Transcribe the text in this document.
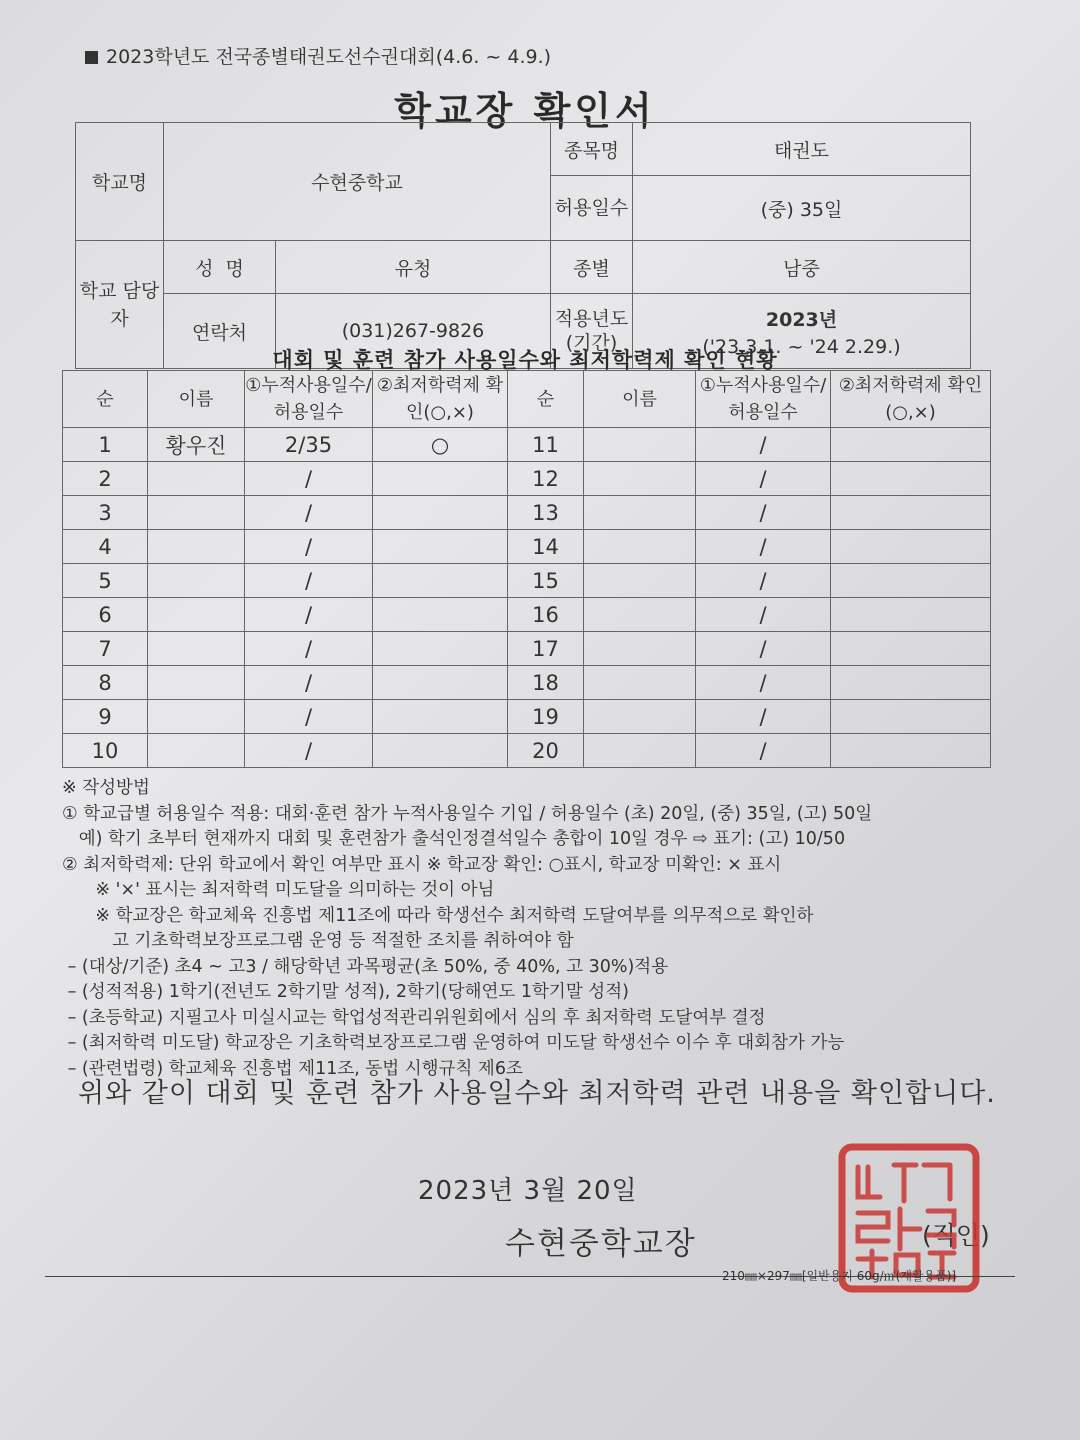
2023학년도 전국종별태권도선수권대회(4.6. ~ 4.9.)
학교장 확인서
학교명	수현중학교		종목명	태권도
			허용일수	(중) 35일
학교 담당자	성  명	유청	종별	남중
	연락처	(031)267-9826	적용년도 (기간)	2023년
('23.3.1. ~ '24 2.29.)
대회 및 훈련 참가 사용일수와 최저학력제 확인 현황
순	이름	①누적사용일수/허용일수	②최저학력제 확인(○,×)	순	이름	①누적사용일수/허용일수	②최저학력제 확인(○,×)
1	황우진	2/35	○	11		/	
2		/		12		/	
3		/		13		/	
4		/		14		/	
5		/		15		/	
6		/		16		/	
7		/		17		/	
8		/		18		/	
9		/		19		/	
10		/		20		/	
※ 작성방법
① 학교급별 허용일수 적용: 대회·훈련 참가 누적사용일수 기입 / 허용일수 (초) 20일, (중) 35일, (고) 50일
예) 학기 초부터 현재까지 대회 및 훈련참가 출석인정결석일수 총합이 10일 경우 ⇨ 표기: (고) 10/50
② 최저학력제: 단위 학교에서 확인 여부만 표시 ※ 학교장 확인: ○표시, 학교장 미확인: × 표시
※ '×' 표시는 최저학력 미도달을 의미하는 것이 아님
※ 학교장은 학교체육 진흥법 제11조에 따라 학생선수 최저학력 도달여부를 의무적으로 확인하
고 기초학력보장프로그램 운영 등 적절한 조치를 취하여야 함
– (대상/기준) 초4 ~ 고3 / 해당학년 과목평균(초 50%, 중 40%, 고 30%)적용
– (성적적용) 1학기(전년도 2학기말 성적), 2학기(당해연도 1학기말 성적)
– (초등학교) 지필고사 미실시교는 학업성적관리위원회에서 심의 후 최저학력 도달여부 결정
– (최저학력 미도달) 학교장은 기초학력보장프로그램 운영하여 미도달 학생선수 이수 후 대회참가 가능
– (관련법령) 학교체육 진흥법 제11조, 동법 시행규칙 제6조
위와 같이 대회 및 훈련 참가 사용일수와 최저학력 관련 내용을 확인합니다.
2023년 3월 20일
수현중학교장	(직인)
210㎜×297㎜[일반용지 60g/㎡(재활용품)]
